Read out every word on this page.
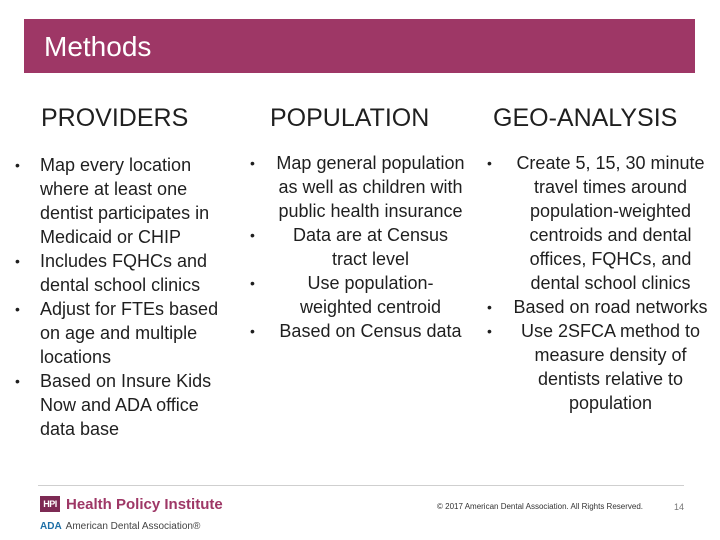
Methods
PROVIDERS	POPULATION	GEO-ANALYSIS
• Map every location where at least one dentist participates in Medicaid or CHIP
• Includes FQHCs and dental school clinics
• Adjust for FTEs based on age and multiple locations
• Based on Insure Kids Now and ADA office data base
• Map general population as well as children with public health insurance
•	Data are at Census tract level
•	Use population-weighted centroid
• Based on Census data
• Create 5, 15, 30 minute travel times around population-weighted centroids and dental offices, FQHCs, and dental school clinics
• Based on road networks
•	Use 2SFCA method to measure density of dentists relative to population
HPI Health Policy Institute
ADA American Dental Association®
© 2017 American Dental Association. All Rights Reserved.	14
